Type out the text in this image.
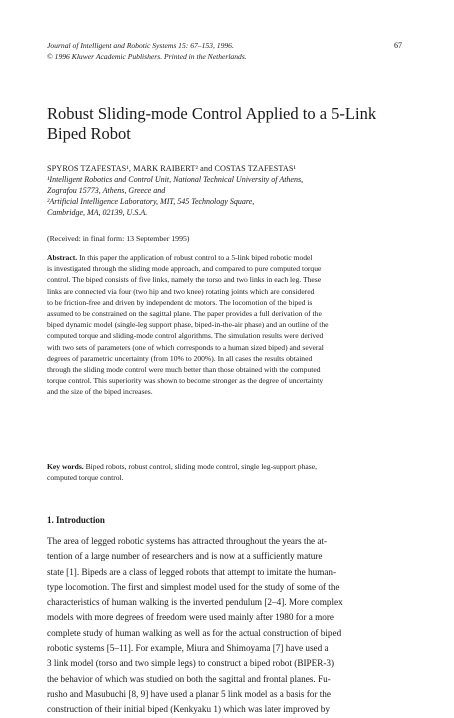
Journal of Intelligent and Robotic Systems 15: 67–153, 1996.
© 1996 Kluwer Academic Publishers. Printed in the Netherlands.
67
Robust Sliding-mode Control Applied to a 5-Link
Biped Robot
SPYROS TZAFESTAS¹, MARK RAIBERT² and COSTAS TZAFESTAS¹
¹Intelligent Robotics and Control Unit, National Technical University of Athens,
Zografou 15773, Athens, Greece and
²Artificial Intelligence Laboratory, MIT, 545 Technology Square,
Cambridge, MA, 02139, U.S.A.
(Received: in final form: 13 September 1995)
Abstract. In this paper the application of robust control to a 5-link biped robotic model
is investigated through the sliding mode approach, and compared to pure computed torque
control. The biped consists of five links, namely the torso and two links in each leg. These
links are connected via four (two hip and two knee) rotating joints which are considered
to be friction-free and driven by independent dc motors. The locomotion of the biped is
assumed to be constrained on the sagittal plane. The paper provides a full derivation of the
biped dynamic model (single-leg support phase, biped-in-the-air phase) and an outline of the
computed torque and sliding-mode control algorithms. The simulation results were derived
with two sets of parameters (one of which corresponds to a human sized biped) and several
degrees of parametric uncertainty (from 10% to 200%). In all cases the results obtained
through the sliding mode control were much better than those obtained with the computed
torque control. This superiority was shown to become stronger as the degree of uncertainty
and the size of the biped increases.
Key words. Biped robots, robust control, sliding mode control, single leg-support phase,
computed torque control.
1. Introduction
The area of legged robotic systems has attracted throughout the years the at-
tention of a large number of researchers and is now at a sufficiently mature
state [1]. Bipeds are a class of legged robots that attempt to imitate the human-
type locomotion. The first and simplest model used for the study of some of the
characteristics of human walking is the inverted pendulum [2–4]. More complex
models with more degrees of freedom were used mainly after 1980 for a more
complete study of human walking as well as for the actual construction of biped
robotic systems [5–11]. For example, Miura and Shimoyama [7] have used a
3 link model (torso and two simple legs) to construct a biped robot (BIPER-3)
the behavior of which was studied on both the sagittal and frontal planes. Fu-
rusho and Masubuchi [8, 9] have used a planar 5 link model as a basis for the
construction of their initial biped (Kenkyaku 1) which was later improved by
